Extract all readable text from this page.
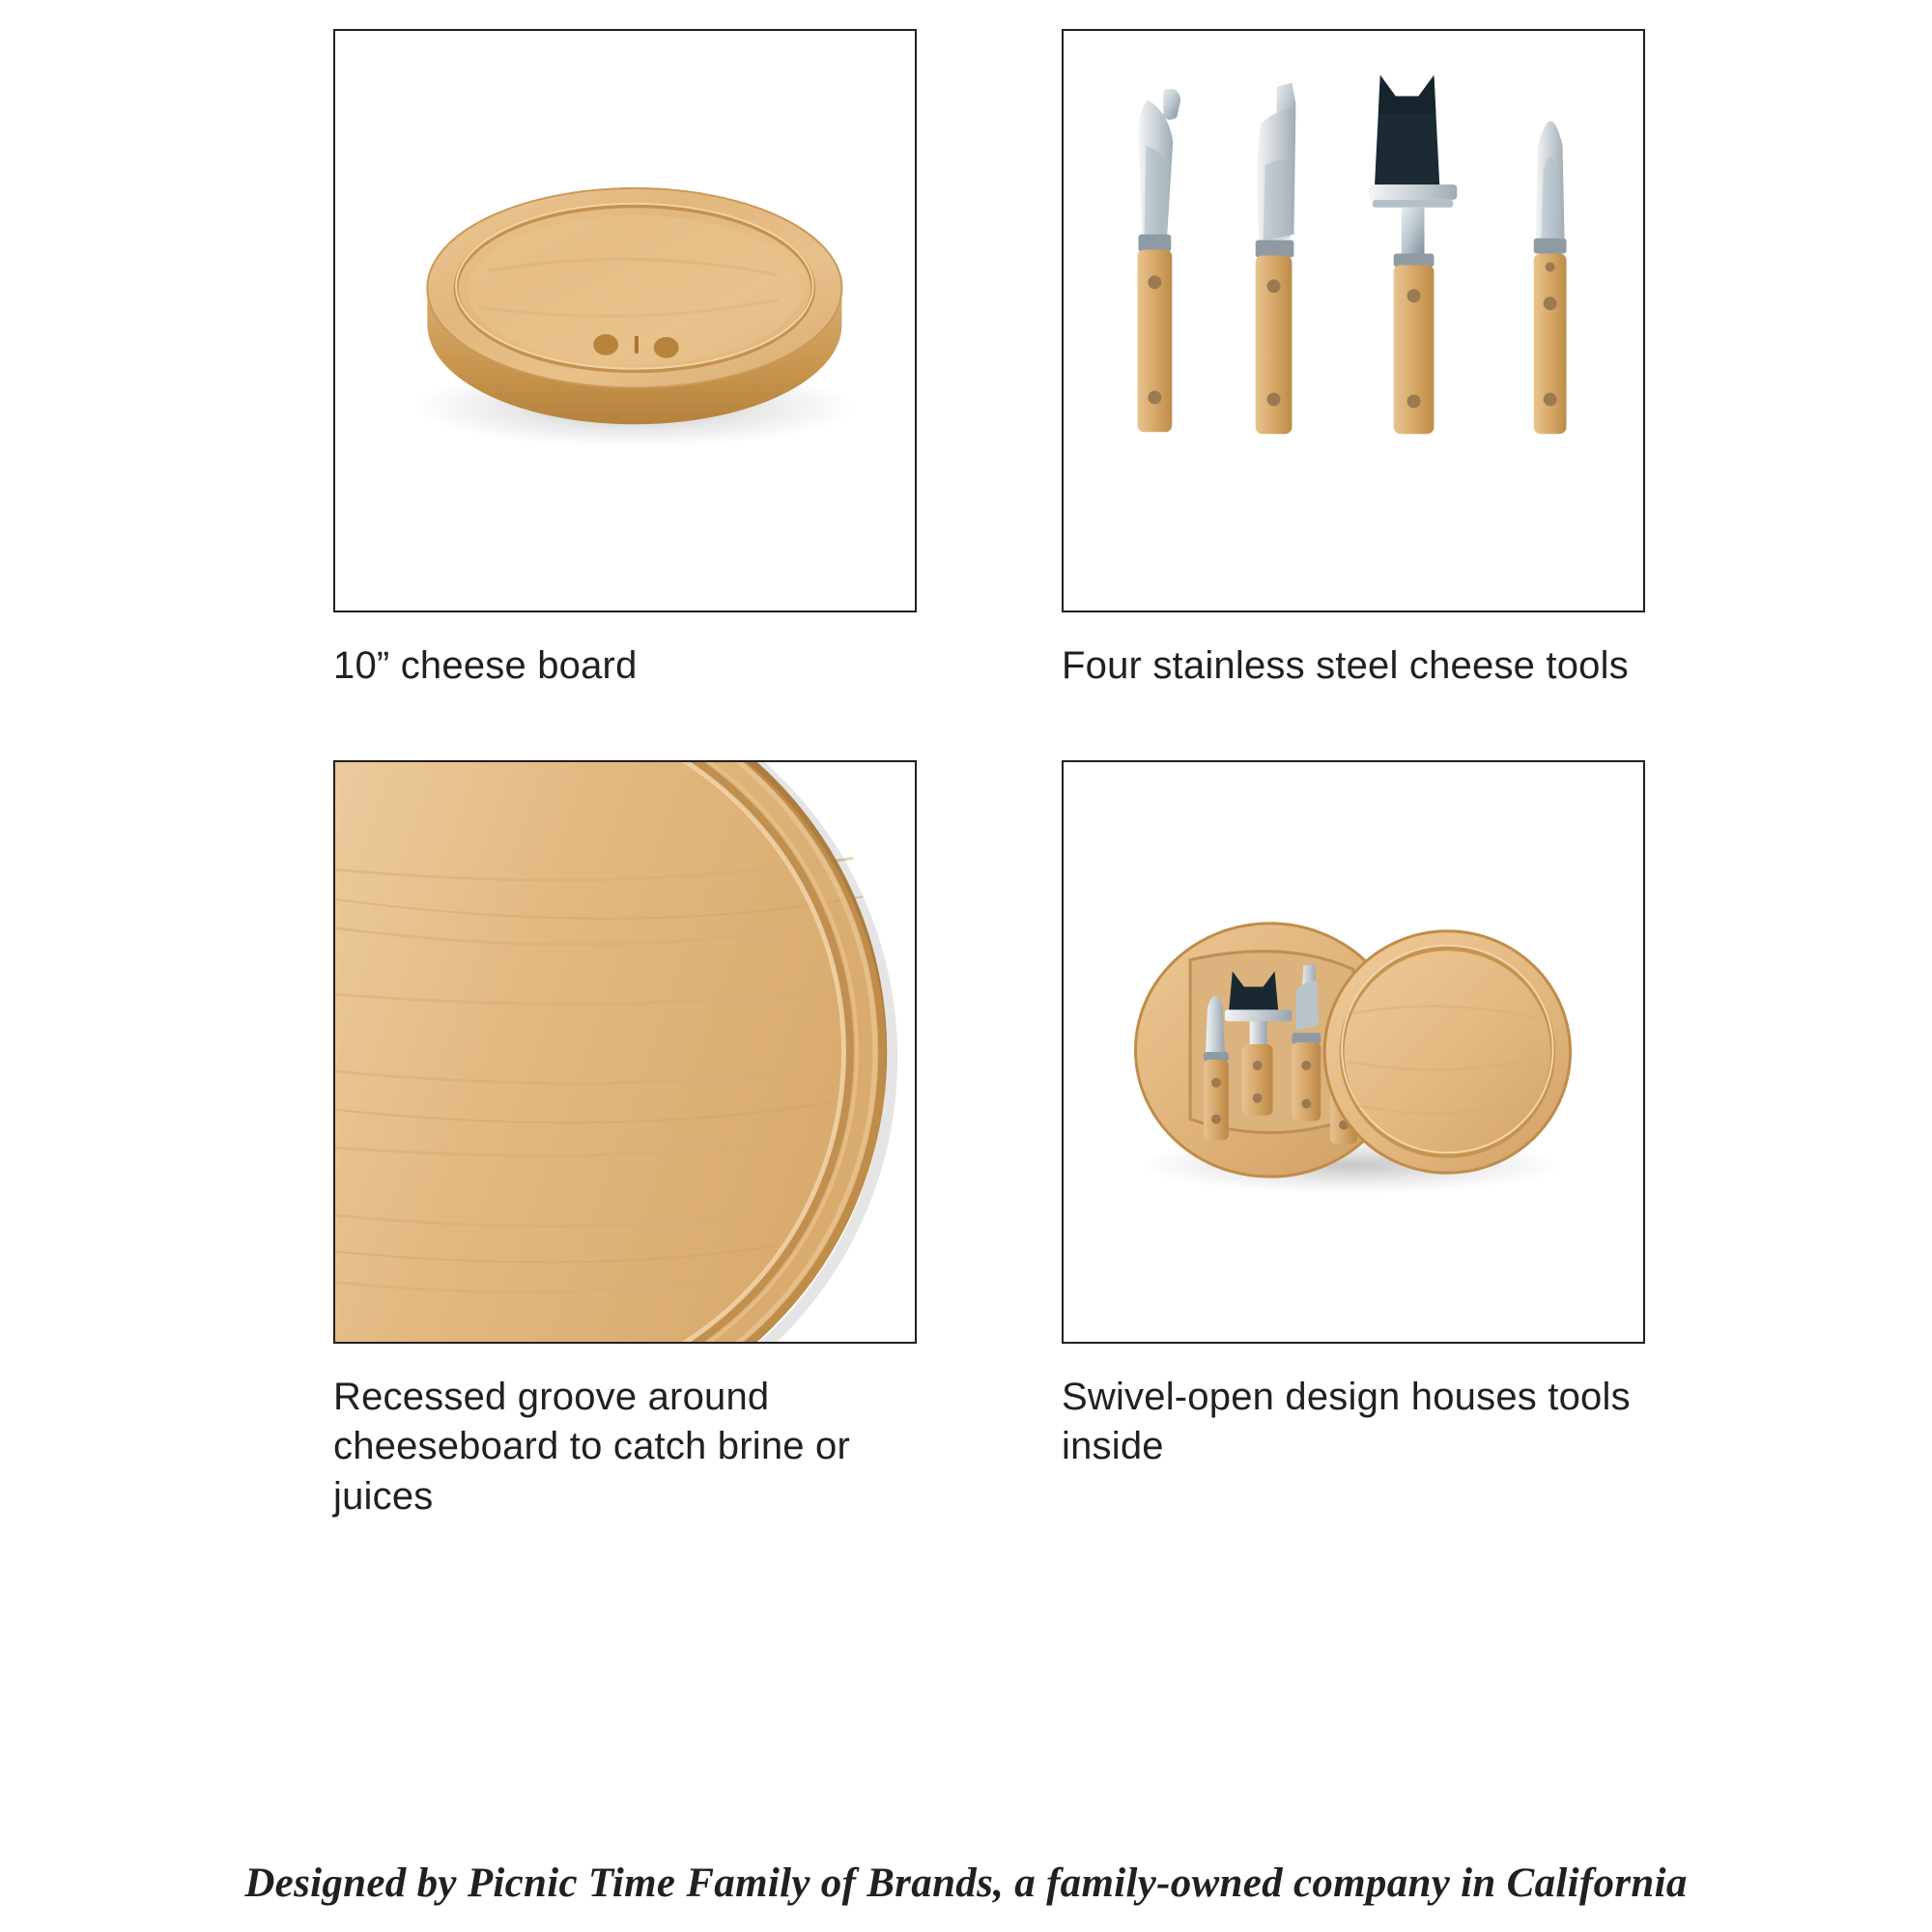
10” cheese board	Four stainless steel cheese tools
Recessed groove around cheeseboard to catch brine or juices
Swivel-open design houses tools inside
Designed by Picnic Time Family of Brands, a family-owned company in California
